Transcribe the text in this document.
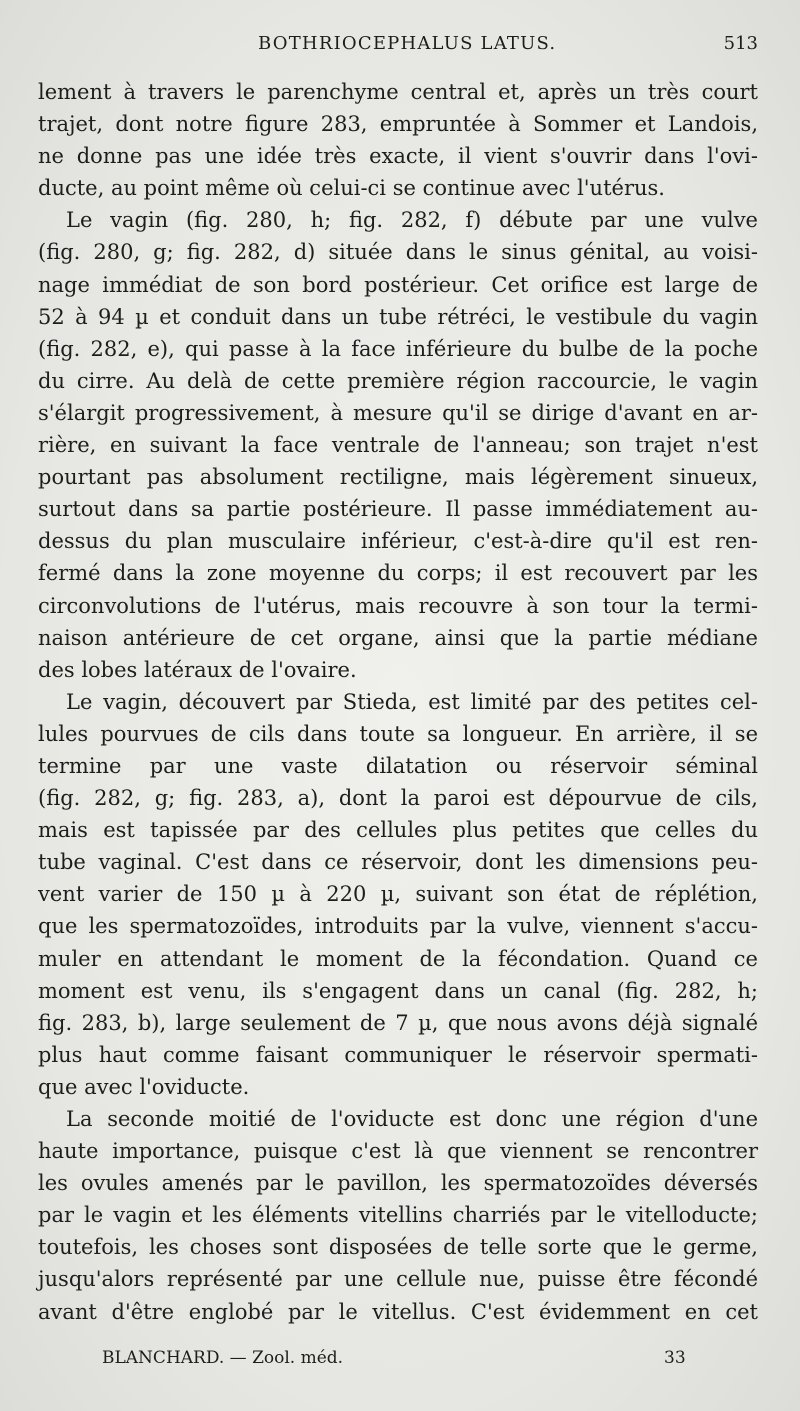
BOTHRIOCEPHALUS LATUS.	513
lement à travers le parenchyme central et, après un très court
trajet, dont notre figure 283, empruntée à Sommer et Landois,
ne donne pas une idée très exacte, il vient s'ouvrir dans l'ovi-
ducte, au point même où celui-ci se continue avec l'utérus.
Le vagin (fig. 280, h; fig. 282, f) débute par une vulve
(fig. 280, g; fig. 282, d) située dans le sinus génital, au voisi-
nage immédiat de son bord postérieur. Cet orifice est large de
52 à 94 µ et conduit dans un tube rétréci, le vestibule du vagin
(fig. 282, e), qui passe à la face inférieure du bulbe de la poche
du cirre. Au delà de cette première région raccourcie, le vagin
s'élargit progressivement, à mesure qu'il se dirige d'avant en ar-
rière, en suivant la face ventrale de l'anneau; son trajet n'est
pourtant pas absolument rectiligne, mais légèrement sinueux,
surtout dans sa partie postérieure. Il passe immédiatement au-
dessus du plan musculaire inférieur, c'est-à-dire qu'il est ren-
fermé dans la zone moyenne du corps; il est recouvert par les
circonvolutions de l'utérus, mais recouvre à son tour la termi-
naison antérieure de cet organe, ainsi que la partie médiane
des lobes latéraux de l'ovaire.
Le vagin, découvert par Stieda, est limité par des petites cel-
lules pourvues de cils dans toute sa longueur. En arrière, il se
termine par une vaste dilatation ou réservoir séminal
(fig. 282, g; fig. 283, a), dont la paroi est dépourvue de cils,
mais est tapissée par des cellules plus petites que celles du
tube vaginal. C'est dans ce réservoir, dont les dimensions peu-
vent varier de 150 µ à 220 µ, suivant son état de réplétion,
que les spermatozoïdes, introduits par la vulve, viennent s'accu-
muler en attendant le moment de la fécondation. Quand ce
moment est venu, ils s'engagent dans un canal (fig. 282, h;
fig. 283, b), large seulement de 7 µ, que nous avons déjà signalé
plus haut comme faisant communiquer le réservoir spermati-
que avec l'oviducte.
La seconde moitié de l'oviducte est donc une région d'une
haute importance, puisque c'est là que viennent se rencontrer
les ovules amenés par le pavillon, les spermatozoïdes déversés
par le vagin et les éléments vitellins charriés par le vitelloducte;
toutefois, les choses sont disposées de telle sorte que le germe,
jusqu'alors représenté par une cellule nue, puisse être fécondé
avant d'être englobé par le vitellus. C'est évidemment en cet
BLANCHARD. — Zool. méd.	33
